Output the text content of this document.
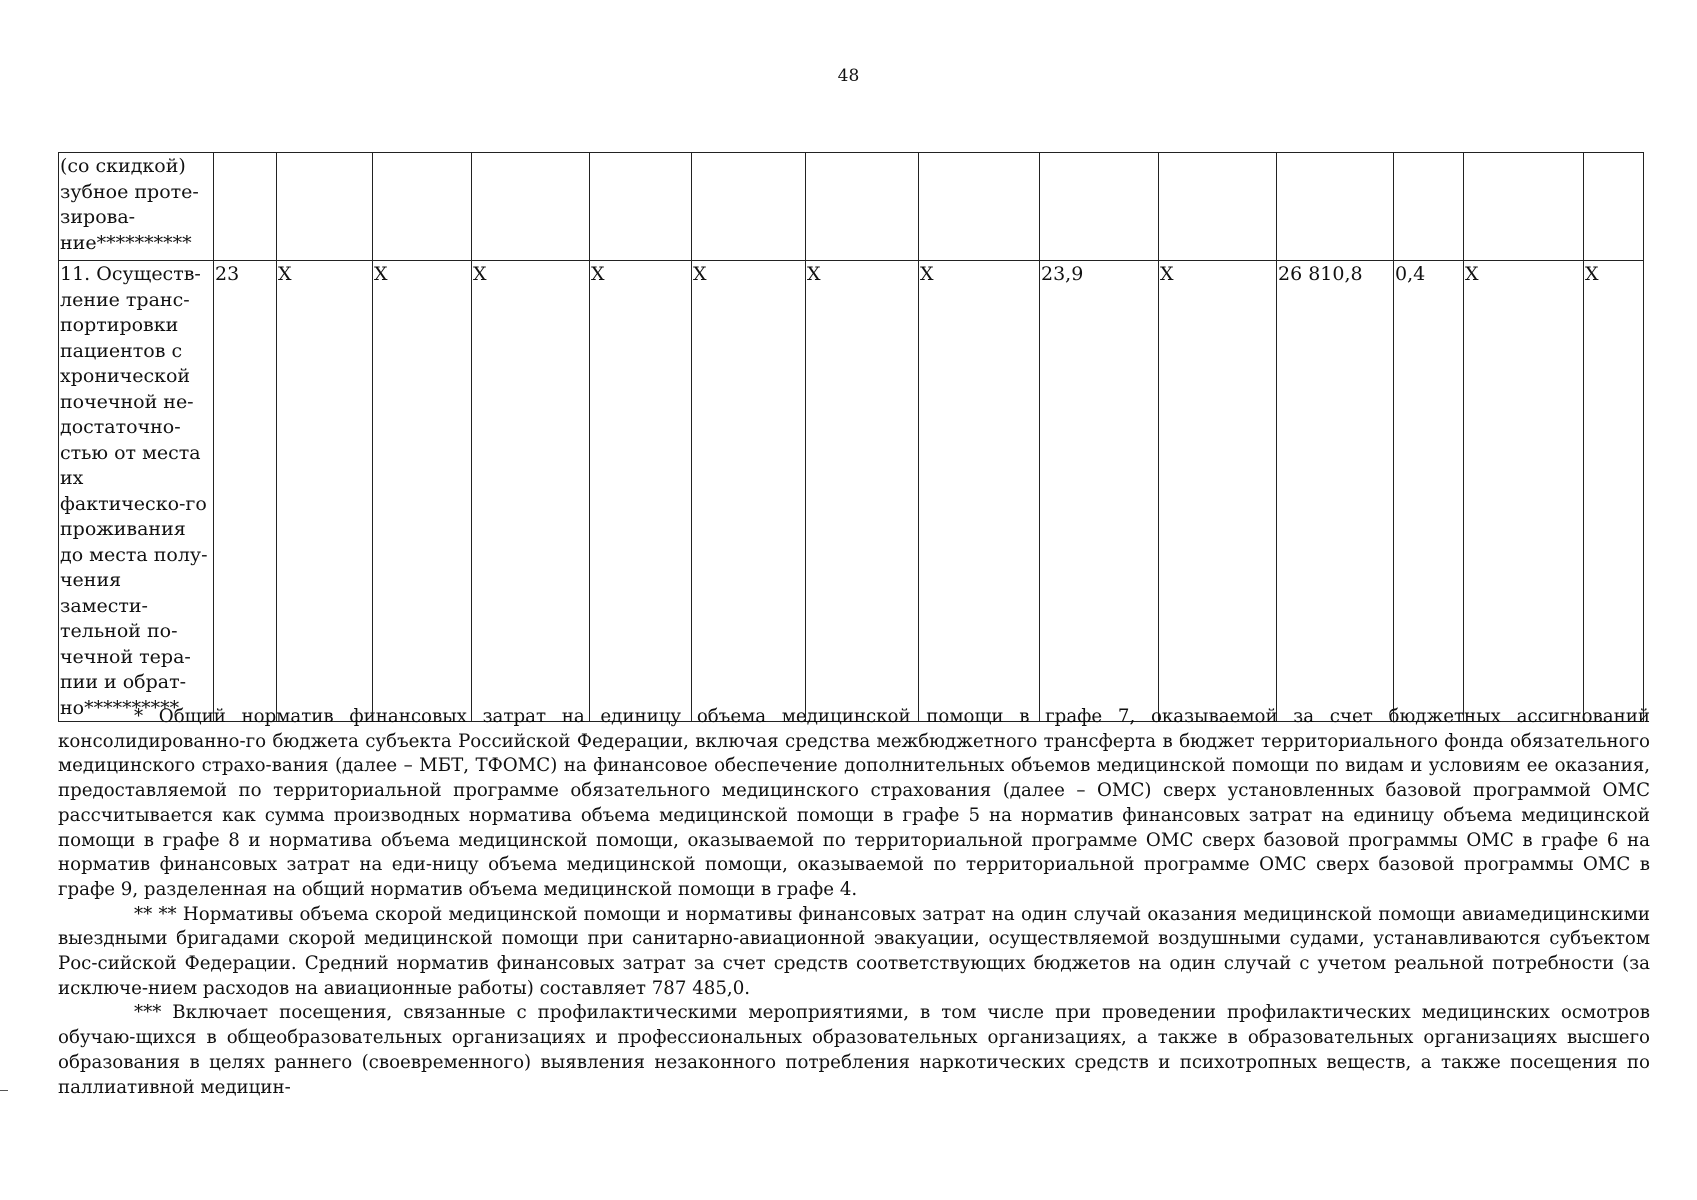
48
(со скидкой) зубное проте-зирова-ние**********														
11. Осуществ-ление транс-портировки пациентов с хронической почечной не-достаточно-стью от места их фактическо-го проживания до места полу-чения замести-тельной по-чечной тера-пии и обрат-но**********	23	X	X	X	X	X	X	X	23,9	X	26 810,8	0,4	X	X

* Общий норматив финансовых затрат на единицу объема медицинской помощи в графе 7, оказываемой за счет бюджетных ассигнований консолидированно-го бюджета субъекта Российской Федерации, включая средства межбюджетного трансферта в бюджет территориального фонда обязательного медицинского страхо-вания (далее – МБТ, ТФОМС) на финансовое обеспечение дополнительных объемов медицинской помощи по видам и условиям ее оказания, предоставляемой по территориальной программе обязательного медицинского страхования (далее – ОМС) сверх установленных базовой программой ОМС рассчитывается как сумма производных норматива объема медицинской помощи в графе 5 на норматив финансовых затрат на единицу объема медицинской помощи в графе 8 и норматива объема медицинской помощи, оказываемой по территориальной программе ОМС сверх базовой программы ОМС в графе 6 на норматив финансовых затрат на еди-ницу объема медицинской помощи, оказываемой по территориальной программе ОМС сверх базовой программы ОМС в графе 9, разделенная на общий норматив объема медицинской помощи в графе 4.

** ** Нормативы объема скорой медицинской помощи и нормативы финансовых затрат на один случай оказания медицинской помощи авиамедицинскими выездными бригадами скорой медицинской помощи при санитарно-авиационной эвакуации, осуществляемой воздушными судами, устанавливаются субъектом Рос-сийской Федерации. Средний норматив финансовых затрат за счет средств соответствующих бюджетов на один случай с учетом реальной потребности (за исключе-нием расходов на авиационные работы) составляет 787 485,0.

*** Включает посещения, связанные с профилактическими мероприятиями, в том числе при проведении профилактических медицинских осмотров обучаю-щихся в общеобразовательных организациях и профессиональных образовательных организациях, а также в образовательных организациях высшего образования в целях раннего (своевременного) выявления незаконного потребления наркотических средств и психотропных веществ, а также посещения по паллиативной медицин-
